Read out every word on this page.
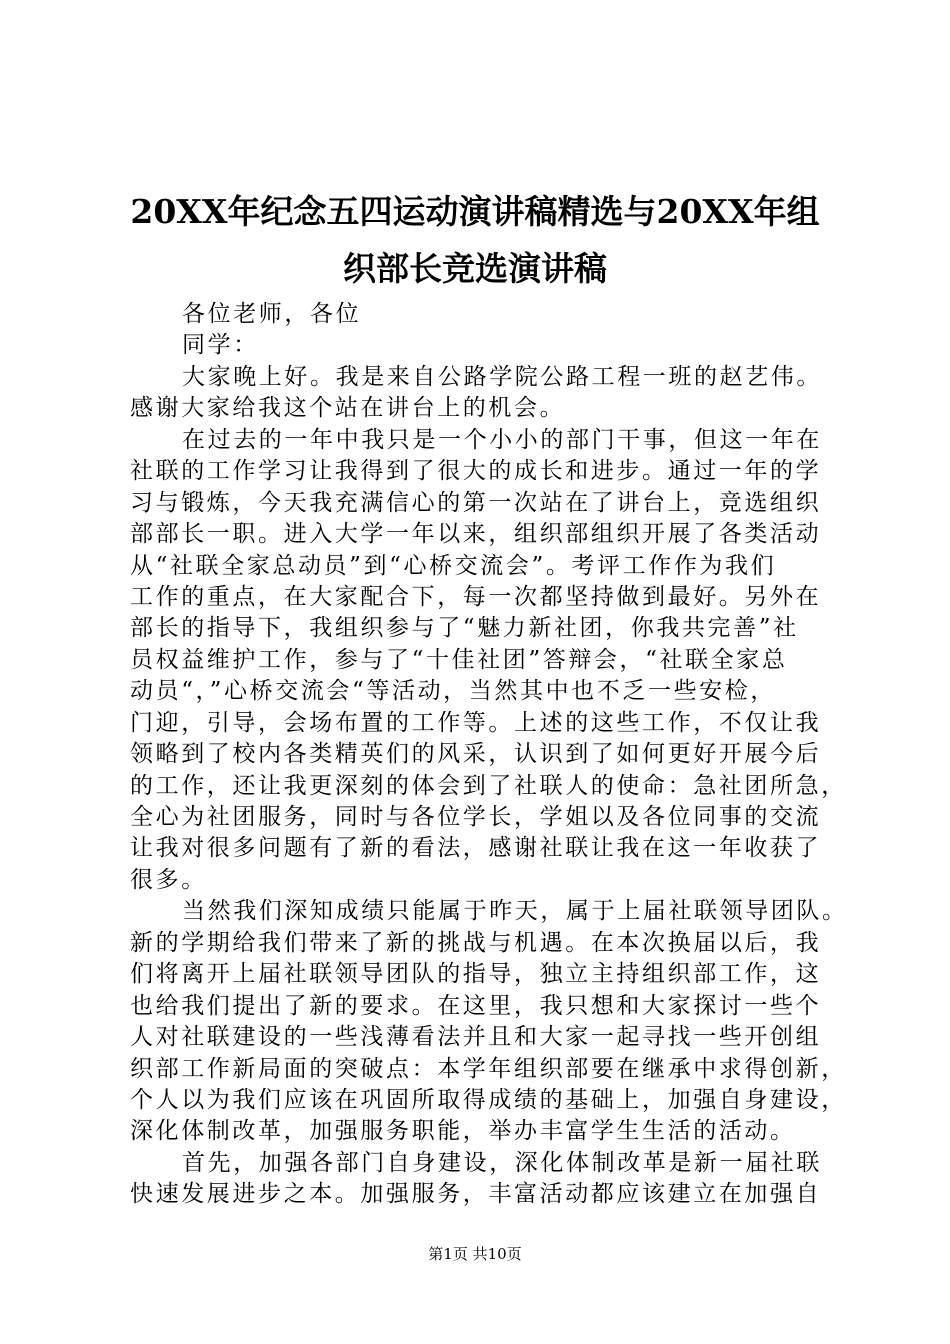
20XX年纪念五四运动演讲稿精选与20XX年组
织部长竞选演讲稿
各位老师，各位
同学：
大家晚上好。我是来自公路学院公路工程一班的赵艺伟。
感谢大家给我这个站在讲台上的机会。
在过去的一年中我只是一个小小的部门干事，但这一年在
社联的工作学习让我得到了很大的成长和进步。通过一年的学
习与锻炼，今天我充满信心的第一次站在了讲台上，竞选组织
部部长一职。进入大学一年以来，组织部组织开展了各类活动
从“社联全家总动员”到“心桥交流会”。考评工作作为我们
工作的重点，在大家配合下，每一次都坚持做到最好。另外在
部长的指导下，我组织参与了“魅力新社团，你我共完善”社
员权益维护工作，参与了“十佳社团”答辩会，“社联全家总
动员“，”心桥交流会“等活动，当然其中也不乏一些安检，
门迎，引导，会场布置的工作等。上述的这些工作，不仅让我
领略到了校内各类精英们的风采，认识到了如何更好开展今后
的工作，还让我更深刻的体会到了社联人的使命：急社团所急，
全心为社团服务，同时与各位学长，学姐以及各位同事的交流
让我对很多问题有了新的看法，感谢社联让我在这一年收获了
很多。
当然我们深知成绩只能属于昨天，属于上届社联领导团队。
新的学期给我们带来了新的挑战与机遇。在本次换届以后，我
们将离开上届社联领导团队的指导，独立主持组织部工作，这
也给我们提出了新的要求。在这里，我只想和大家探讨一些个
人对社联建设的一些浅薄看法并且和大家一起寻找一些开创组
织部工作新局面的突破点：本学年组织部要在继承中求得创新，
个人以为我们应该在巩固所取得成绩的基础上，加强自身建设，
深化体制改革，加强服务职能，举办丰富学生生活的活动。
首先，加强各部门自身建设，深化体制改革是新一届社联
快速发展进步之本。加强服务，丰富活动都应该建立在加强自
第1页 共10页
